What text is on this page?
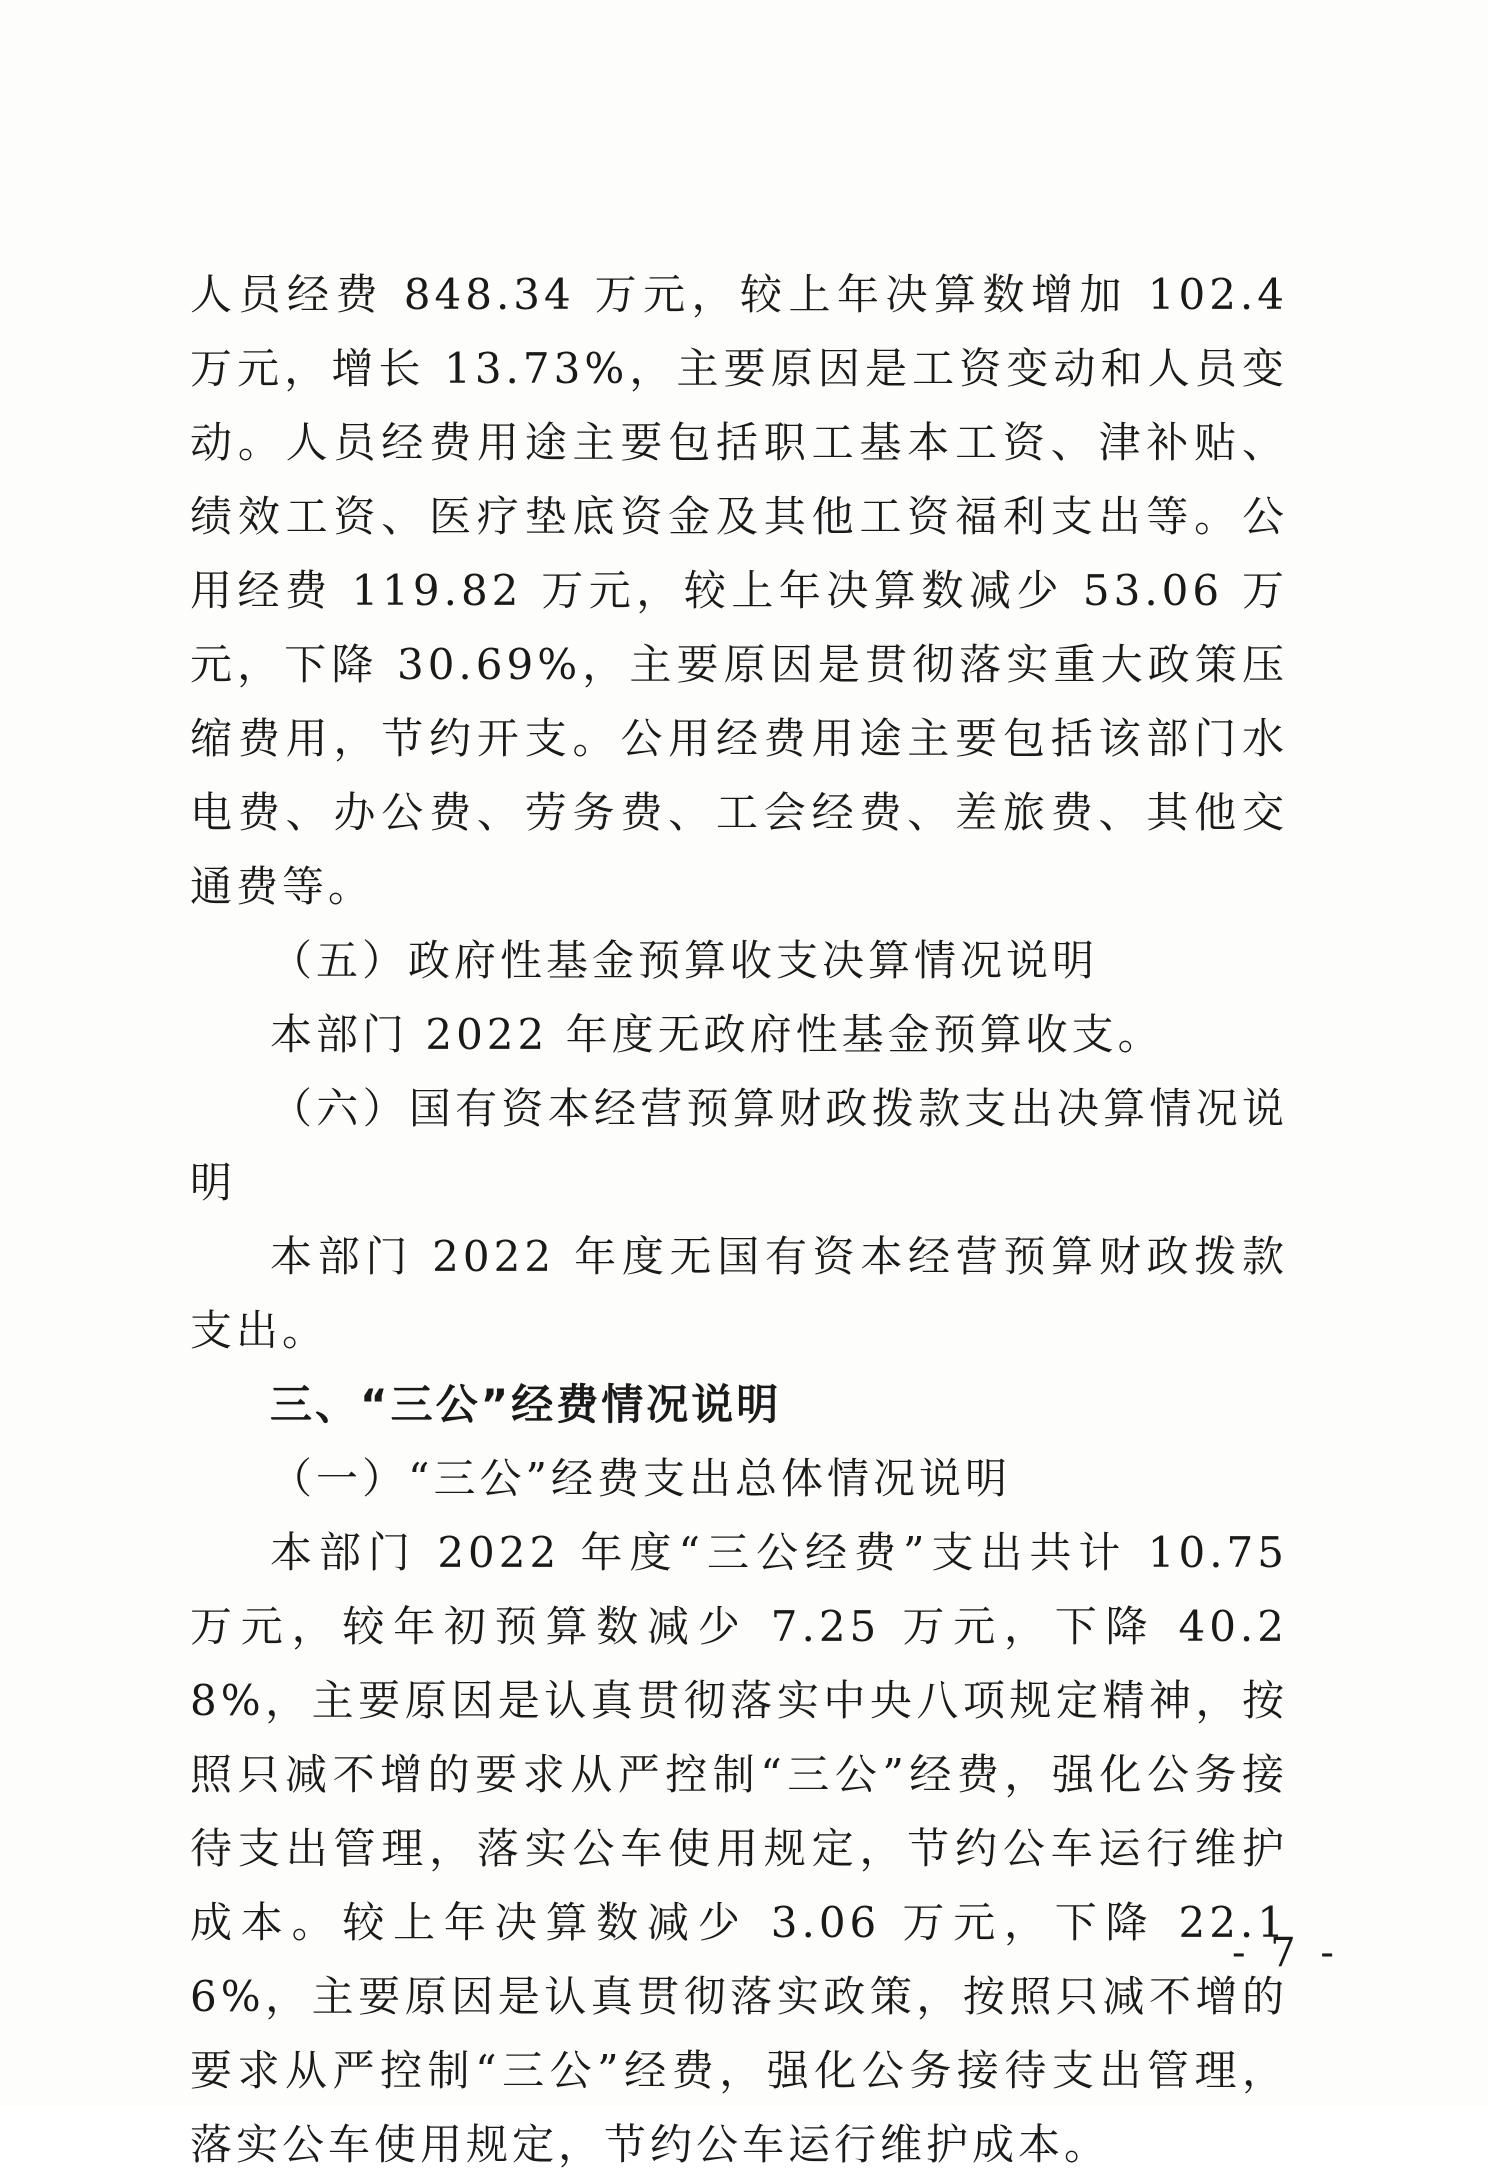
人员经费 848.34 万元，较上年决算数增加 102.4 万元，增长 13.73%，主要原因是工资变动和人员变动。人员经费用途主要包括职工基本工资、津补贴、绩效工资、医疗垫底资金及其他工资福利支出等。公用经费 119.82 万元，较上年决算数减少 53.06 万元，下降 30.69%，主要原因是贯彻落实重大政策压缩费用，节约开支。公用经费用途主要包括该部门水电费、办公费、劳务费、工会经费、差旅费、其他交通费等。

（五）政府性基金预算收支决算情况说明

本部门 2022 年度无政府性基金预算收支。

（六）国有资本经营预算财政拨款支出决算情况说明

本部门 2022 年度无国有资本经营预算财政拨款支出。

三、“三公”经费情况说明

（一）“三公”经费支出总体情况说明

本部门 2022 年度“三公经费”支出共计 10.75 万元，较年初预算数减少 7.25 万元，下降 40.28%，主要原因是认真贯彻落实中央八项规定精神，按照只减不增的要求从严控制“三公”经费，强化公务接待支出管理，落实公车使用规定，节约公车运行维护成本。较上年决算数减少 3.06 万元，下降 22.16%，主要原因是认真贯彻落实政策，按照只减不增的要求从严控制“三公”经费，强化公务接待支出管理，落实公车使用规定，节约公车运行维护成本。

- 7 -
